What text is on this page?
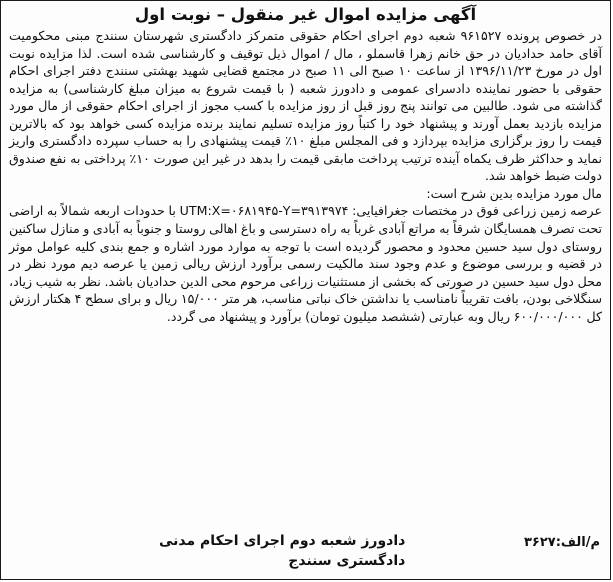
آگهی مزایده اموال غیر منقول – نوبت اول

در خصوص پرونده ۹۶۱۵۲۷ شعبه دوم اجرای احکام حقوقی متمرکز دادگستری شهرستان سنندج مبنی محکومیت آقای حامد حدادیان در حق خانم زهرا قاسملو ، مال / اموال ذیل توقیف و کارشناسی شده است. لذا مزایده نوبت اول در مورخ ۱۳۹۶/۱۱/۲۳ از ساعت ۱۰ صبح الی ۱۱ صبح در مجتمع قضایی شهید بهشتی سنندج دفتر اجرای احکام حقوقی با حضور نماینده دادسرای عمومی و دادورز شعبه ( با قیمت شروع به میزان مبلغ کارشناسی) به مزایده گذاشته می شود. طالبین می توانند پنج روز قبل از روز مزایده با کسب مجوز از اجرای احکام حقوقی از مال مورد مزایده بازدید بعمل آورند و پیشنهاد خود را کتباً روز مزایده تسلیم نمایند برنده مزایده کسی خواهد بود که بالاترین قیمت را روز برگزاری مزایده بپردازد و فی المجلس مبلغ ۱۰٪ قیمت پیشنهادی را به حساب سپرده دادگستری واریز نماید و حداکثر ظرف یکماه آینده ترتیب پرداخت مابقی قیمت را بدهد در غیر این صورت ۱۰٪ پرداختی به نفع صندوق دولت ضبط خواهد شد.

مال مورد مزایده بدین شرح است:

عرصه زمین زراعی فوق در مختصات جغرافیایی: UTM:X=۰۶۸۱۹۴۵-Y=۳۹۱۳۹۷۴ با حدودات اربعه شمالاً به اراضی تحت تصرف همسایگان شرقاً به مراتع آبادی غرباً به راه دسترسی و باغ اهالی روستا و جنوباً به آبادی و منازل ساکنین روستای دول سید حسین محدود و محصور گردیده است با توجه به موارد مورد اشاره و جمع بندی کلیه عوامل موثر در قضیه و بررسی موضوع و عدم وجود سند مالکیت رسمی برآورد ارزش ریالی زمین یا عرصه دیم مورد نظر در محل دول سید حسین در صورتی که بخشی از مستثنیات زراعی مرحوم محی الدین حدادیان باشد. نظر به شیب زیاد، سنگلاخی بودن، بافت تقریباً نامناسب یا نداشتن خاک نباتی مناسب، هر متر ۱۵/۰۰۰ ریال و برای سطح ۴ هکتار ارزش کل ۶۰۰/۰۰۰/۰۰۰ ریال وبه عبارتی (ششصد میلیون تومان) برآورد و پیشنهاد می گردد.

م/الف:۳۶۲۷
دادورز شعبه دوم اجرای احکام مدنی
دادگستری سنندج
